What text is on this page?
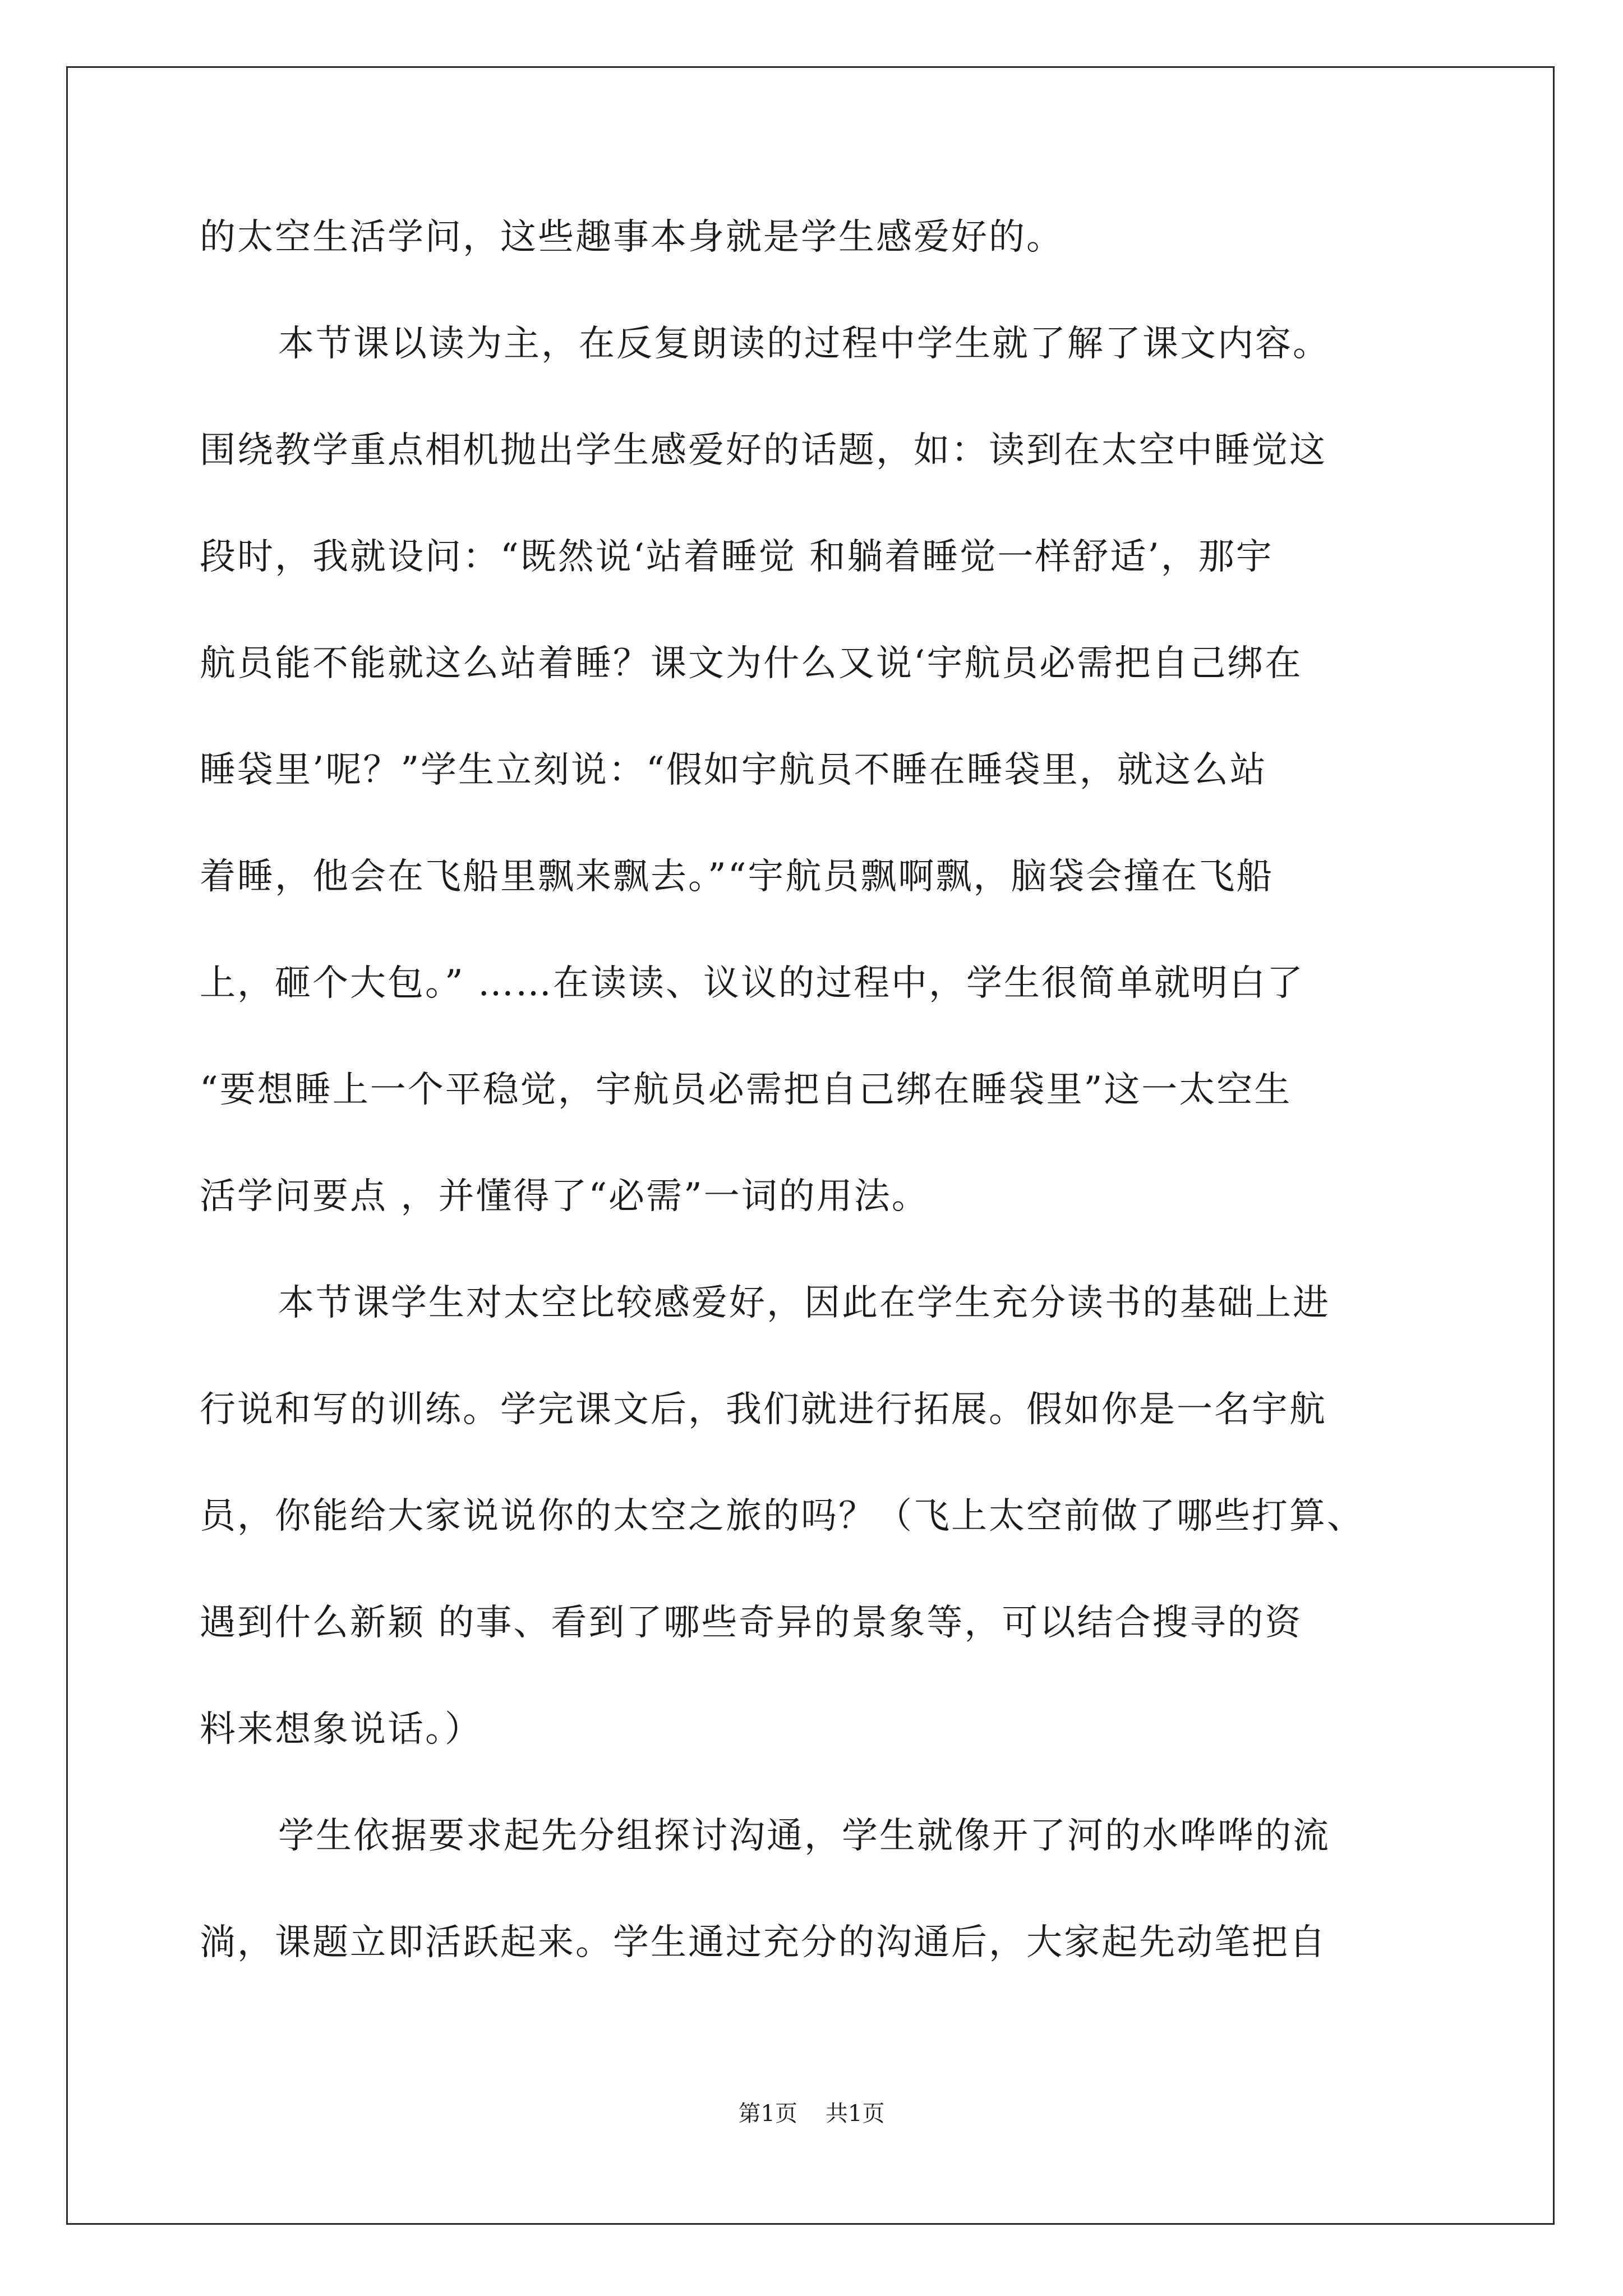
的太空生活学问，这些趣事本身就是学生感爱好的。
本节课以读为主，在反复朗读的过程中学生就了解了课文内容。
围绕教学重点相机抛出学生感爱好的话题，如：读到在太空中睡觉这
段时，我就设问：“既然说‘站着睡觉 和躺着睡觉一样舒适’，那宇
航员能不能就这么站着睡？课文为什么又说‘宇航员必需把自己绑在
睡袋里’呢？”学生立刻说：“假如宇航员不睡在睡袋里，就这么站
着睡，他会在飞船里飘来飘去。”“宇航员飘啊飘，脑袋会撞在飞船
上，砸个大包。” ……在读读、议议的过程中，学生很简单就明白了
“要想睡上一个平稳觉，宇航员必需把自己绑在睡袋里”这一太空生
活学问要点 ，并懂得了“必需”一词的用法。
本节课学生对太空比较感爱好，因此在学生充分读书的基础上进
行说和写的训练。学完课文后，我们就进行拓展。假如你是一名宇航
员，你能给大家说说你的太空之旅的吗？（飞上太空前做了哪些打算、
遇到什么新颖 的事、看到了哪些奇异的景象等，可以结合搜寻的资
料来想象说话。）
学生依据要求起先分组探讨沟通，学生就像开了河的水哗哗的流
淌，课题立即活跃起来。学生通过充分的沟通后，大家起先动笔把自
第1页 共1页
